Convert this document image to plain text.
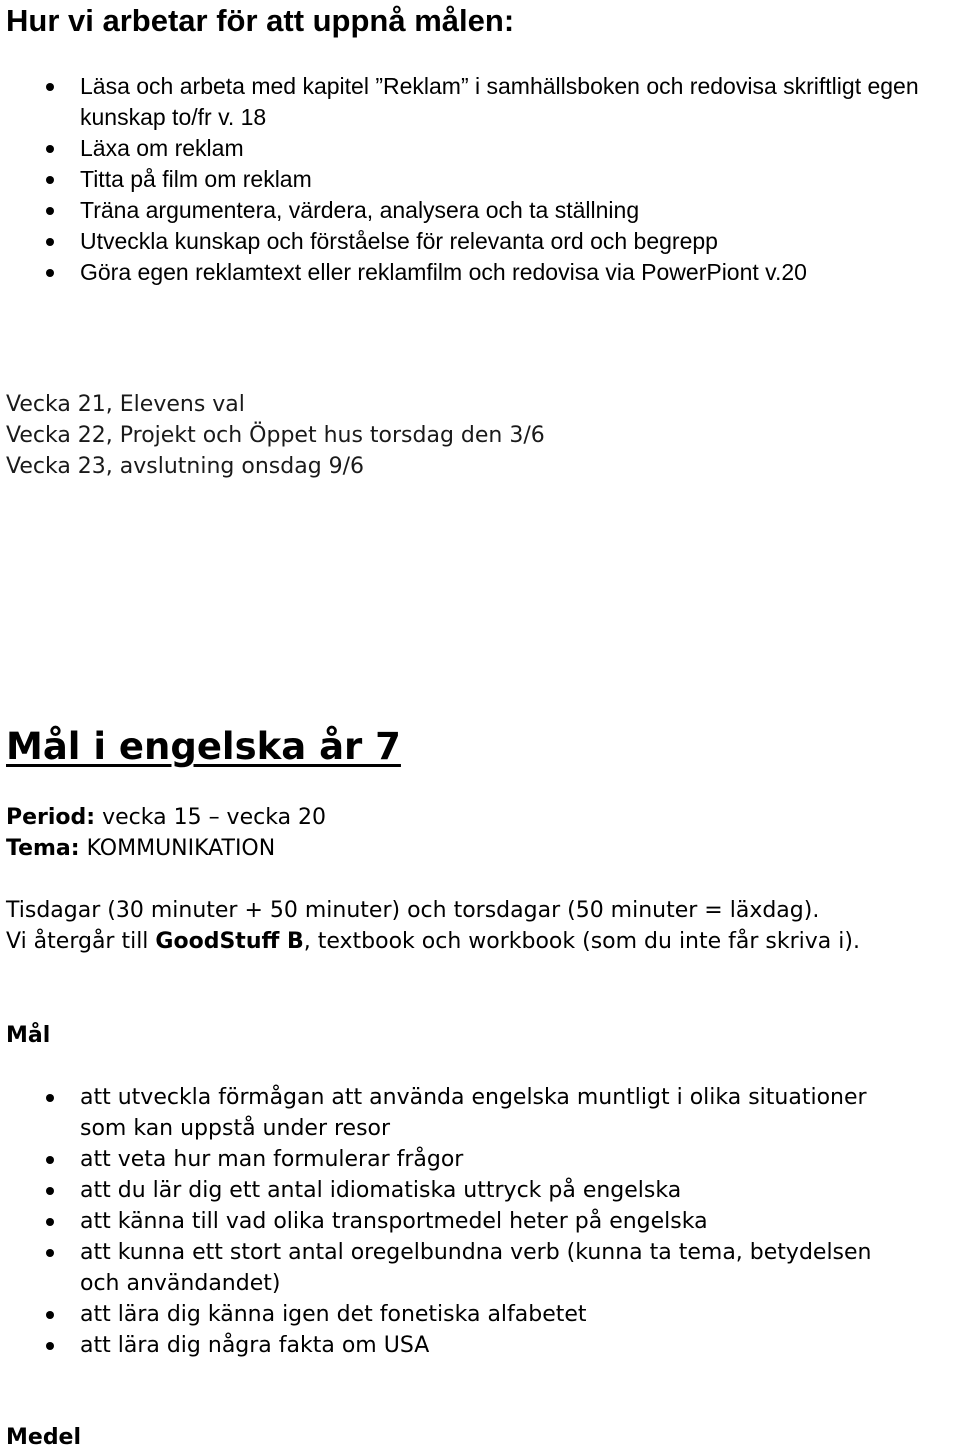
Hur vi arbetar för att uppnå målen:
Läsa och arbeta med kapitel ”Reklam” i samhällsboken och redovisa skriftligt egen kunskap to/fr v. 18
Läxa om reklam
Titta på film om reklam
Träna argumentera, värdera, analysera och ta ställning
Utveckla kunskap och förståelse för relevanta ord och begrepp
Göra egen reklamtext eller reklamfilm och redovisa via PowerPiont v.20

Vecka 21, Elevens val

Vecka 22, Projekt och Öppet hus torsdag den 3/6

Vecka 23, avslutning onsdag 9/6

Mål i engelska år 7

Period: vecka 15 – vecka 20

Tema: KOMMUNIKATION

Tisdagar (30 minuter + 50 minuter) och torsdagar (50 minuter = läxdag).

Vi återgår till GoodStuff B, textbook och workbook (som du inte får skriva i).

Mål

att utveckla förmågan att använda engelska muntligt i olika situationer som kan uppstå under resor
att veta hur man formulerar frågor
att du lär dig ett antal idiomatiska uttryck på engelska
att känna till vad olika transportmedel heter på engelska
att kunna ett stort antal oregelbundna verb (kunna ta tema, betydelsen och användandet)
att lära dig känna igen det fonetiska alfabetet
att lära dig några fakta om USA

Medel
